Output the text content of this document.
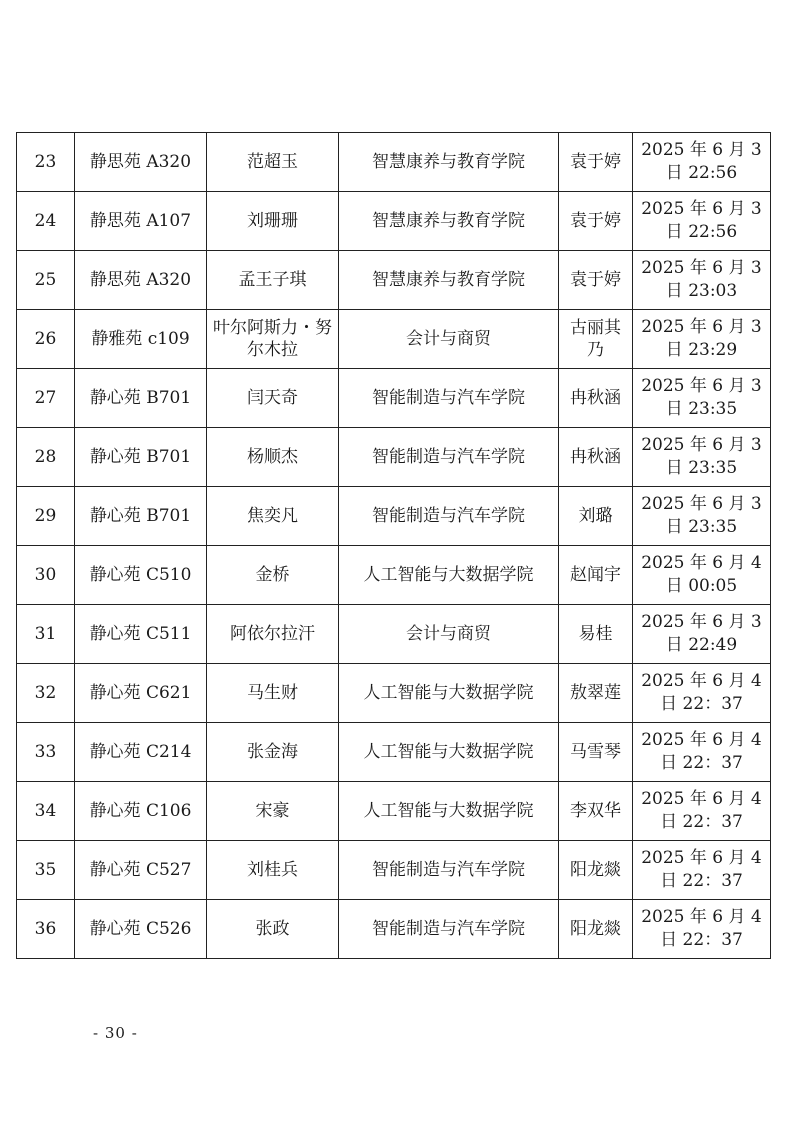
23	静思苑 A320	范超玉	智慧康养与教育学院	袁于婷	2025 年 6 月 3
日 22:56

24	静思苑 A107	刘珊珊	智慧康养与教育学院	袁于婷	2025 年 6 月 3
日 22:56

25	静思苑 A320	孟王子琪	智慧康养与教育学院	袁于婷	2025 年 6 月 3
日 23:03

26	静雅苑 c109	叶尔阿斯力・努尔木拉	会计与商贸	古丽其乃	2025 年 6 月 3
日 23:29

27	静心苑 B701	闫天奇	智能制造与汽车学院	冉秋涵	2025 年 6 月 3
日 23:35

28	静心苑 B701	杨顺杰	智能制造与汽车学院	冉秋涵	2025 年 6 月 3
日 23:35

29	静心苑 B701	焦奕凡	智能制造与汽车学院	刘璐	2025 年 6 月 3
日 23:35

30	静心苑 C510	金桥	人工智能与大数据学院	赵闻宇	2025 年 6 月 4
日 00:05

31	静心苑 C511	阿依尔拉汗	会计与商贸	易桂	2025 年 6 月 3
日 22:49

32	静心苑 C621	马生财	人工智能与大数据学院	敖翠莲	2025 年 6 月 4
日 22：37

33	静心苑 C214	张金海	人工智能与大数据学院	马雪琴	2025 年 6 月 4
日 22：37

34	静心苑 C106	宋豪	人工智能与大数据学院	李双华	2025 年 6 月 4
日 22：37

35	静心苑 C527	刘桂兵	智能制造与汽车学院	阳龙燚	2025 年 6 月 4
日 22：37

36	静心苑 C526	张政	智能制造与汽车学院	阳龙燚	2025 年 6 月 4
日 22：37
- 30 -
